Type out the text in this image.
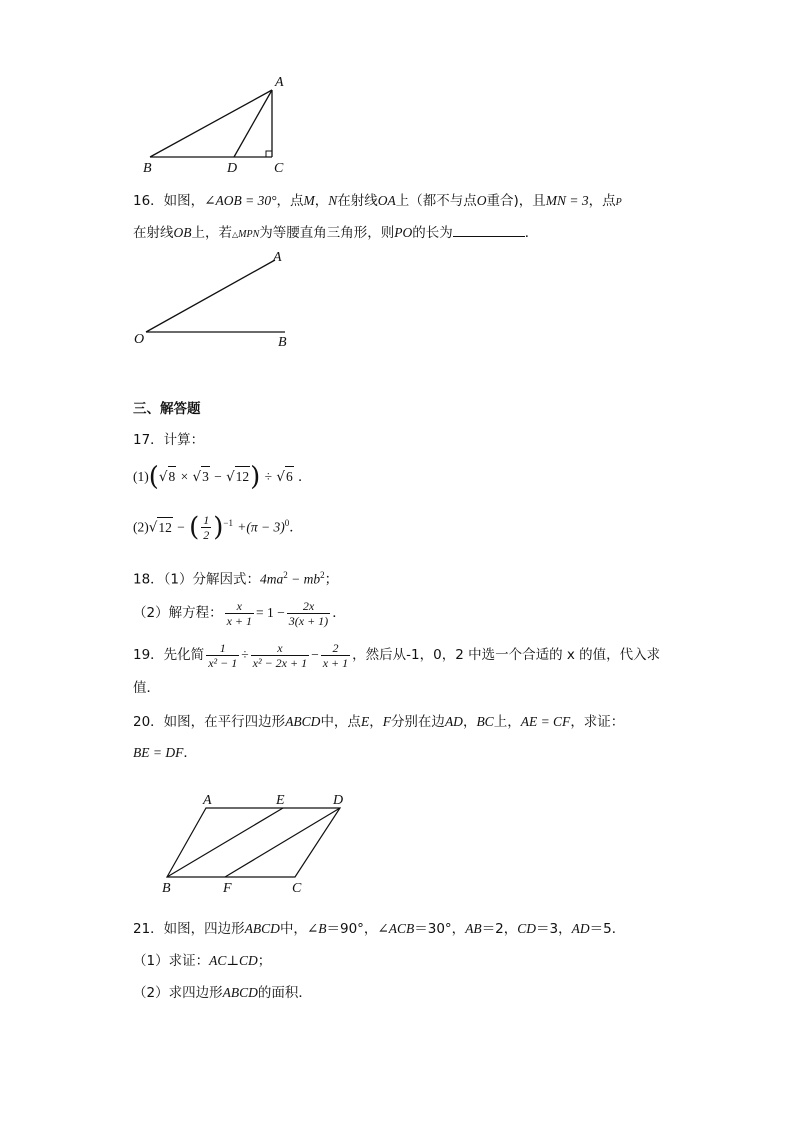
A
B	D	C
16．如图，∠AOB = 30°，点M，N在射线OA上（都不与点O重合)，且MN = 3，点P
在射线OB上，若△MPN为等腰直角三角形，则PO的长为	．
A
O	B
三、解答题
17．计算：
(1)(√8 × √3 − √12) ÷ √6 ．
(2)√12 − ( $\frac{1}{2} )^{-1} +(\pi - 3)^0$．
18．（1）分解因式：$4ma^2 - mb^2$；
（2）解方程： $\frac{x}{x + 1} = 1 - \frac{2x}{3(x + 1)}$ ．
19．先化简 $\frac{1}{\text{x² − 1}} \div \frac{x}{\text{x² − 2x + 1}} - \frac{2}{x + 1}$ ，然后从-1，0，2 中选一个合适的 x 的值，代入求
值．
20．如图，在平行四边形ABCD中，点E，F分别在边AD，BC上，AE = CF，求证：
BE = DF．
A	E	D
B	F	C
21．如图，四边形ABCD中，∠B＝90°，∠ACB＝30°，AB＝2，CD＝3，AD＝5．
（1）求证：AC⊥CD；
（2）求四边形ABCD的面积．
